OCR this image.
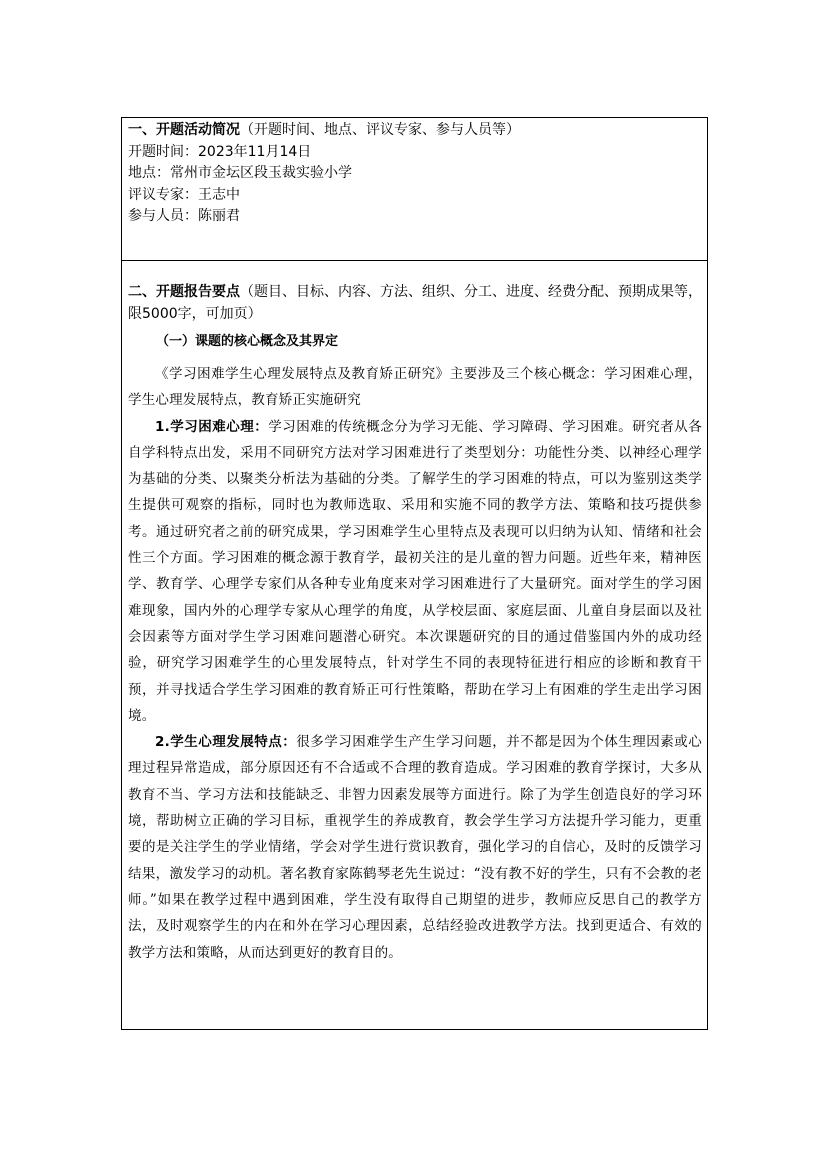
一、开题活动简况（开题时间、地点、评议专家、参与人员等）
开题时间：2023年11月14日
地点：常州市金坛区段玉裁实验小学
评议专家：王志中
参与人员：陈丽君
二、开题报告要点（题目、目标、内容、方法、组织、分工、进度、经费分配、预期成果等，限5000字，可加页）
（一）课题的核心概念及其界定

《学习困难学生心理发展特点及教育矫正研究》主要涉及三个核心概念：学习困难心理，学生心理发展特点，教育矫正实施研究

1.学习困难心理：学习困难的传统概念分为学习无能、学习障碍、学习困难。研究者从各自学科特点出发，采用不同研究方法对学习困难进行了类型划分：功能性分类、以神经心理学为基础的分类、以聚类分析法为基础的分类。了解学生的学习困难的特点，可以为鉴别这类学生提供可观察的指标，同时也为教师选取、采用和实施不同的教学方法、策略和技巧提供参考。通过研究者之前的研究成果，学习困难学生心里特点及表现可以归纳为认知、情绪和社会性三个方面。学习困难的概念源于教育学，最初关注的是儿童的智力问题。近些年来，精神医学、教育学、心理学专家们从各种专业角度来对学习困难进行了大量研究。面对学生的学习困难现象，国内外的心理学专家从心理学的角度，从学校层面、家庭层面、儿童自身层面以及社会因素等方面对学生学习困难问题潜心研究。本次课题研究的目的通过借鉴国内外的成功经验，研究学习困难学生的心里发展特点，针对学生不同的表现特征进行相应的诊断和教育干预，并寻找适合学生学习困难的教育矫正可行性策略，帮助在学习上有困难的学生走出学习困境。

2.学生心理发展特点：很多学习困难学生产生学习问题，并不都是因为个体生理因素或心理过程异常造成，部分原因还有不合适或不合理的教育造成。学习困难的教育学探讨，大多从教育不当、学习方法和技能缺乏、非智力因素发展等方面进行。除了为学生创造良好的学习环境，帮助树立正确的学习目标，重视学生的养成教育，教会学生学习方法提升学习能力，更重要的是关注学生的学业情绪，学会对学生进行赏识教育，强化学习的自信心，及时的反馈学习结果，激发学习的动机。著名教育家陈鹤琴老先生说过：“没有教不好的学生，只有不会教的老师。”如果在教学过程中遇到困难，学生没有取得自己期望的进步，教师应反思自己的教学方法，及时观察学生的内在和外在学习心理因素，总结经验改进教学方法。找到更适合、有效的教学方法和策略，从而达到更好的教育目的。
